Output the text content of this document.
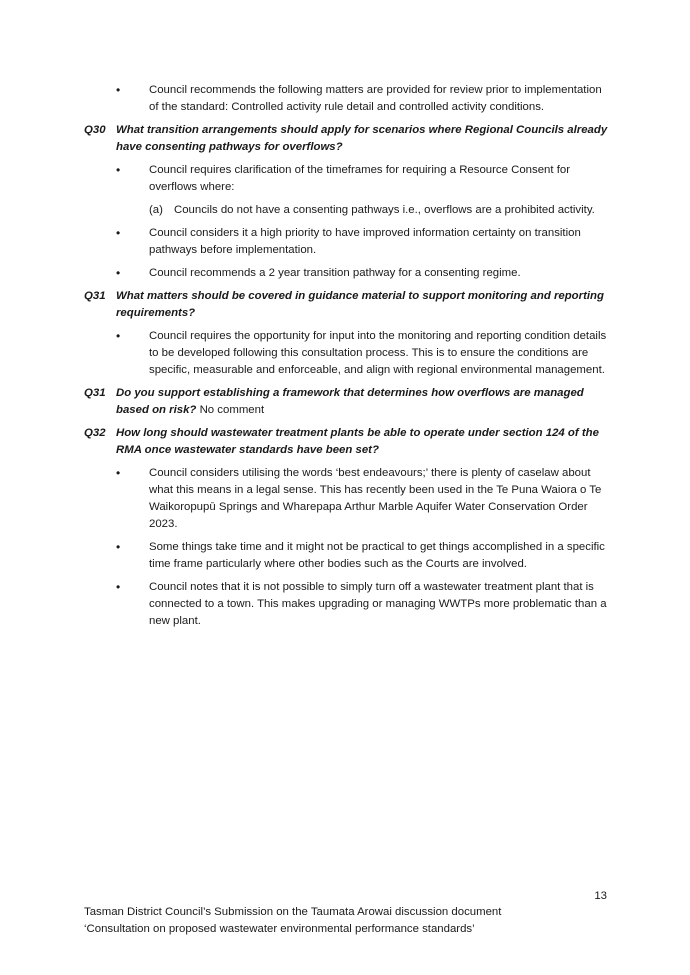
•	Council recommends the following matters are provided for review prior to implementation of the standard: Controlled activity rule detail and controlled activity conditions.
Q30 What transition arrangements should apply for scenarios where Regional Councils already have consenting pathways for overflows?
•	Council requires clarification of the timeframes for requiring a Resource Consent for overflows where:
(a) Councils do not have a consenting pathways i.e., overflows are a prohibited activity.
•	Council considers it a high priority to have improved information certainty on transition pathways before implementation.
•	Council recommends a 2 year transition pathway for a consenting regime.
Q31 What matters should be covered in guidance material to support monitoring and reporting requirements?
•	Council requires the opportunity for input into the monitoring and reporting condition details to be developed following this consultation process. This is to ensure the conditions are specific, measurable and enforceable, and align with regional environmental management.
Q31 Do you support establishing a framework that determines how overflows are managed based on risk? No comment
Q32 How long should wastewater treatment plants be able to operate under section 124 of the RMA once wastewater standards have been set?
•	Council considers utilising the words ‘best endeavours;’ there is plenty of caselaw about what this means in a legal sense. This has recently been used in the Te Puna Waiora o Te Waikoropupū Springs and Wharepapa Arthur Marble Aquifer Water Conservation Order 2023.
•	Some things take time and it might not be practical to get things accomplished in a specific time frame particularly where other bodies such as the Courts are involved.
•	Council notes that it is not possible to simply turn off a wastewater treatment plant that is connected to a town. This makes upgrading or managing WWTPs more problematic than a new plant.
13
Tasman District Council’s Submission on the Taumata Arowai discussion document
‘Consultation on proposed wastewater environmental performance standards’
